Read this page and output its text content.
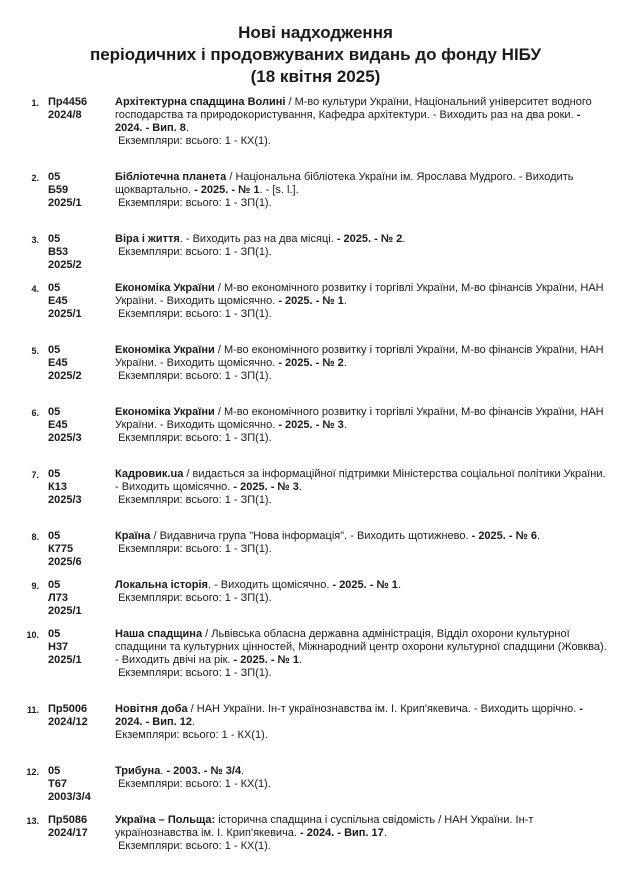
Нові надходження
періодичних і продовжуваних видань до фонду НІБУ
(18 квітня 2025)
1. Пр4456
2024/8
Архітектурна спадщина Волині / М-во культури України, Національний університет водного господарства та природокористування, Кафедра архітектури. - Виходить раз на два роки. - 2024. - Вип. 8.
Екземпляри: всього: 1 - КХ(1).
2. 05
Б59
2025/1
Бібліотечна планета / Національна бібліотека України ім. Ярослава Мудрого. - Виходить щоквартально. - 2025. - № 1. - [s. l.].
Екземпляри: всього: 1 - ЗП(1).
3. 05
В53
2025/2
Віра і життя. - Виходить раз на два місяці. - 2025. - № 2.
Екземпляри: всього: 1 - ЗП(1).
4. 05
Е45
2025/1
Економіка України / М-во економічного розвитку і торгівлі України, М-во фінансів України, НАН України. - Виходить щомісячно. - 2025. - № 1.
Екземпляри: всього: 1 - ЗП(1).
5. 05
Е45
2025/2
Економіка України / М-во економічного розвитку і торгівлі України, М-во фінансів України, НАН України. - Виходить щомісячно. - 2025. - № 2.
Екземпляри: всього: 1 - ЗП(1).
6. 05
Е45
2025/3
Економіка України / М-во економічного розвитку і торгівлі України, М-во фінансів України, НАН України. - Виходить щомісячно. - 2025. - № 3.
Екземпляри: всього: 1 - ЗП(1).
7. 05
К13
2025/3
Кадровик.ua / видається за інформаційної підтримки Міністерства соціальної політики України. - Виходить щомісячно. - 2025. - № 3.
Екземпляри: всього: 1 - ЗП(1).
8. 05
К775
2025/6
Країна / Видавнича група "Нова інформація". - Виходить щотижнево. - 2025. - № 6.
Екземпляри: всього: 1 - ЗП(1).
9. 05
Л73
2025/1
Локальна історія. - Виходить щомісячно. - 2025. - № 1.
Екземпляри: всього: 1 - ЗП(1).
10. 05
Н37
2025/1
Наша спадщина / Львівська обласна державна адміністрація, Відділ охорони культурної спадщини та культурних цінностей, Міжнародний центр охорони культурної спадщини (Жовква). - Виходить двічі на рік. - 2025. - № 1.
Екземпляри: всього: 1 - ЗП(1).
11. Пр5006
2024/12
Новітня доба / НАН України. Ін-т українознавства ім. І. Крип'якевича. - Виходить щорічно. - 2024. - Вип. 12.
Екземпляри: всього: 1 - КХ(1).
12. 05
Т67
2003/3/4
Трибуна. - 2003. - № 3/4.
Екземпляри: всього: 1 - КХ(1).
13. Пр5086
2024/17
Україна – Польща: історична спадщина і суспільна свідомість / НАН України. Ін-т українознавства ім. І. Крип'якевича. - 2024. - Вип. 17.
Екземпляри: всього: 1 - КХ(1).
